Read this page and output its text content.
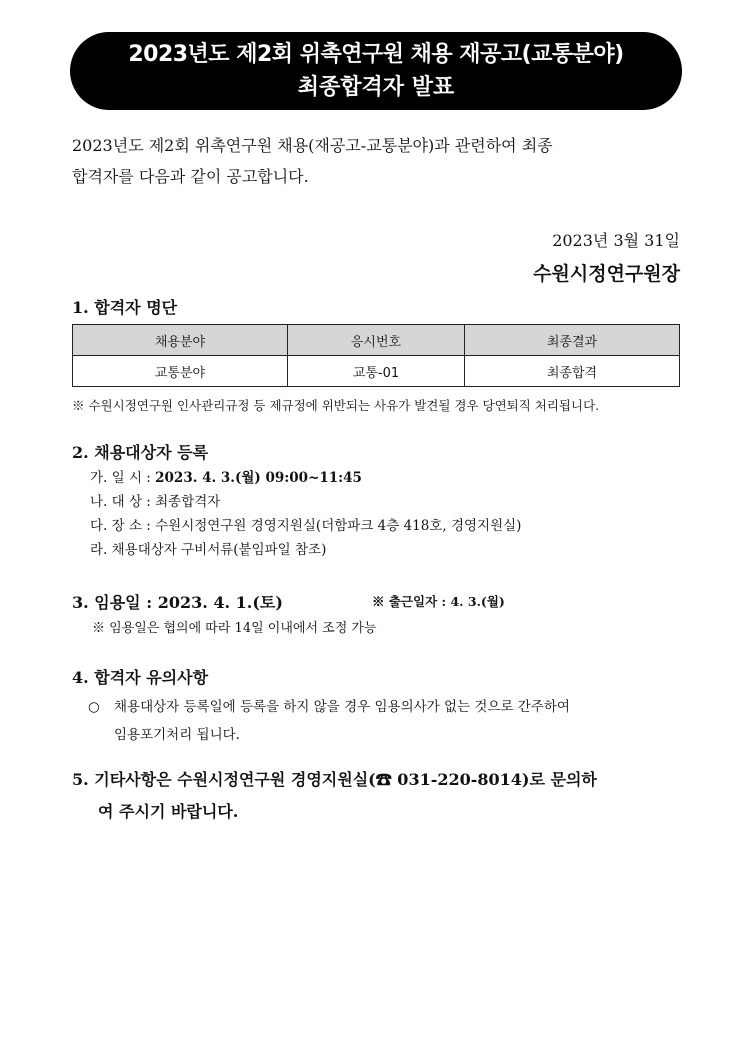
2023년도 제2회 위촉연구원 채용 재공고(교통분야)
최종합격자 발표
2023년도 제2회 위촉연구원 채용(재공고-교통분야)과 관련하여 최종
합격자를 다음과 같이 공고합니다.
2023년 3월 31일
수원시정연구원장
1. 합격자 명단
채용분야	응시번호	최종결과
교통분야	교통-01	최종합격
※ 수원시정연구원 인사관리규정 등 제규정에 위반되는 사유가 발견될 경우 당연퇴직 처리됩니다.
2. 채용대상자 등록
가. 일 시 : 2023. 4. 3.(월) 09:00~11:45
나. 대 상 : 최종합격자
다. 장 소 : 수원시정연구원 경영지원실(더함파크 4층 418호, 경영지원실)
라. 채용대상자 구비서류(붙임파일 참조)
3. 임용일 : 2023. 4. 1.(토)	※ 출근일자 : 4. 3.(월)
※ 임용일은 협의에 따라 14일 이내에서 조정 가능
4. 합격자 유의사항
○ 채용대상자 등록일에 등록을 하지 않을 경우 임용의사가 없는 것으로 간주하여
임용포기처리 됩니다.
5. 기타사항은 수원시정연구원 경영지원실(☎ 031-220-8014)로 문의하
여 주시기 바랍니다.
